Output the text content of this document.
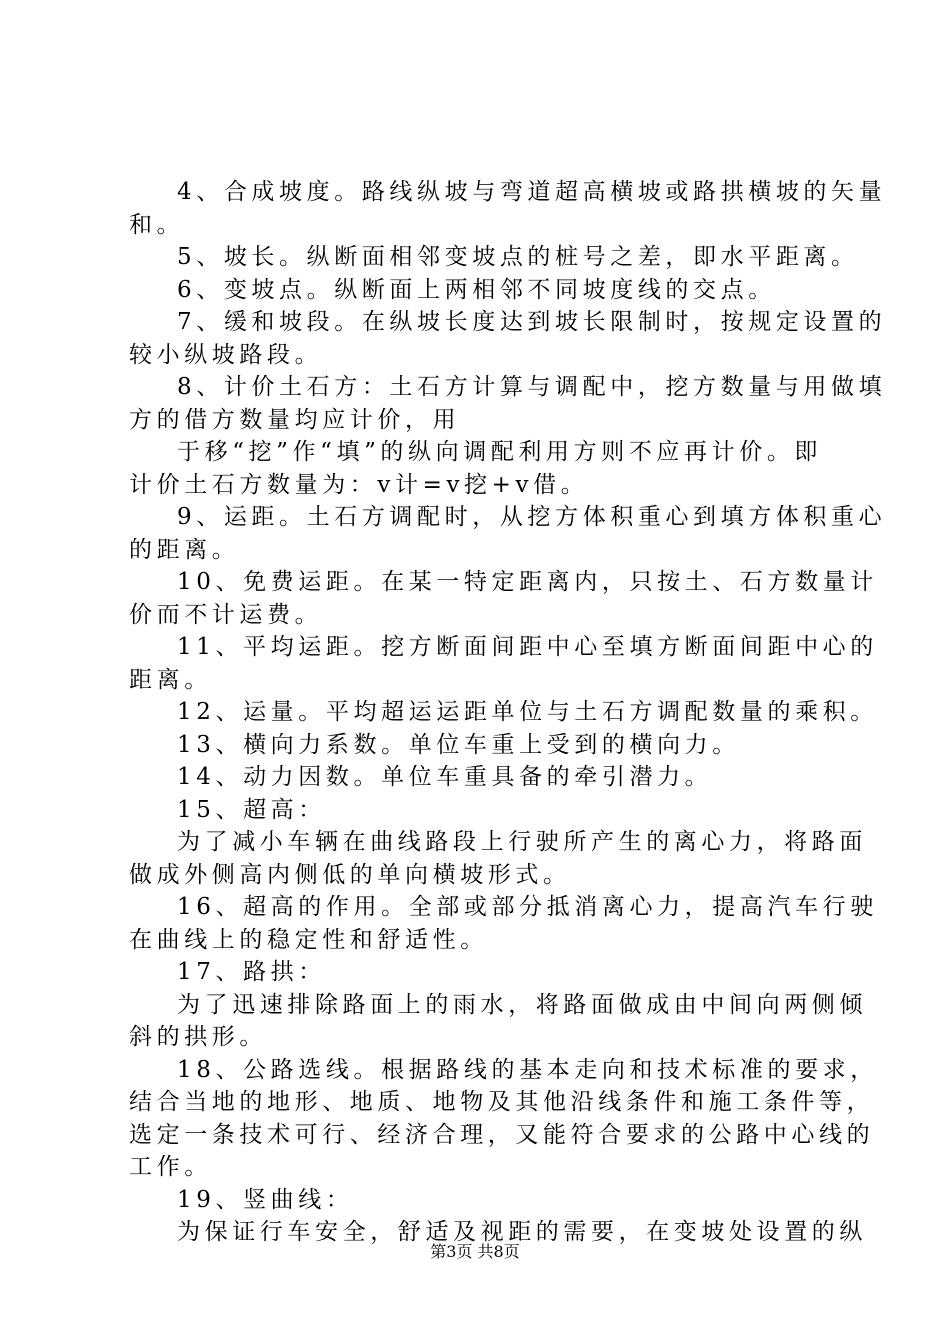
4、合成坡度。路线纵坡与弯道超高横坡或路拱横坡的矢量
和。
5、坡长。纵断面相邻变坡点的桩号之差，即水平距离。
6、变坡点。纵断面上两相邻不同坡度线的交点。
7、缓和坡段。在纵坡长度达到坡长限制时，按规定设置的
较小纵坡路段。
8、计价土石方：土石方计算与调配中，挖方数量与用做填
方的借方数量均应计价，用
于移“挖”作“填”的纵向调配利用方则不应再计价。即
计价土石方数量为：v计=v挖+v借。
9、运距。土石方调配时，从挖方体积重心到填方体积重心
的距离。
10、免费运距。在某一特定距离内，只按土、石方数量计
价而不计运费。
11、平均运距。挖方断面间距中心至填方断面间距中心的
距离。
12、运量。平均超运运距单位与土石方调配数量的乘积。
13、横向力系数。单位车重上受到的横向力。
14、动力因数。单位车重具备的牵引潜力。
15、超高：
为了减小车辆在曲线路段上行驶所产生的离心力，将路面
做成外侧高内侧低的单向横坡形式。
16、超高的作用。全部或部分抵消离心力，提高汽车行驶
在曲线上的稳定性和舒适性。
17、路拱：
为了迅速排除路面上的雨水，将路面做成由中间向两侧倾
斜的拱形。
18、公路选线。根据路线的基本走向和技术标准的要求，
结合当地的地形、地质、地物及其他沿线条件和施工条件等，
选定一条技术可行、经济合理，又能符合要求的公路中心线的
工作。
19、竖曲线：
为保证行车安全，舒适及视距的需要，在变坡处设置的纵
第3页 共8页
